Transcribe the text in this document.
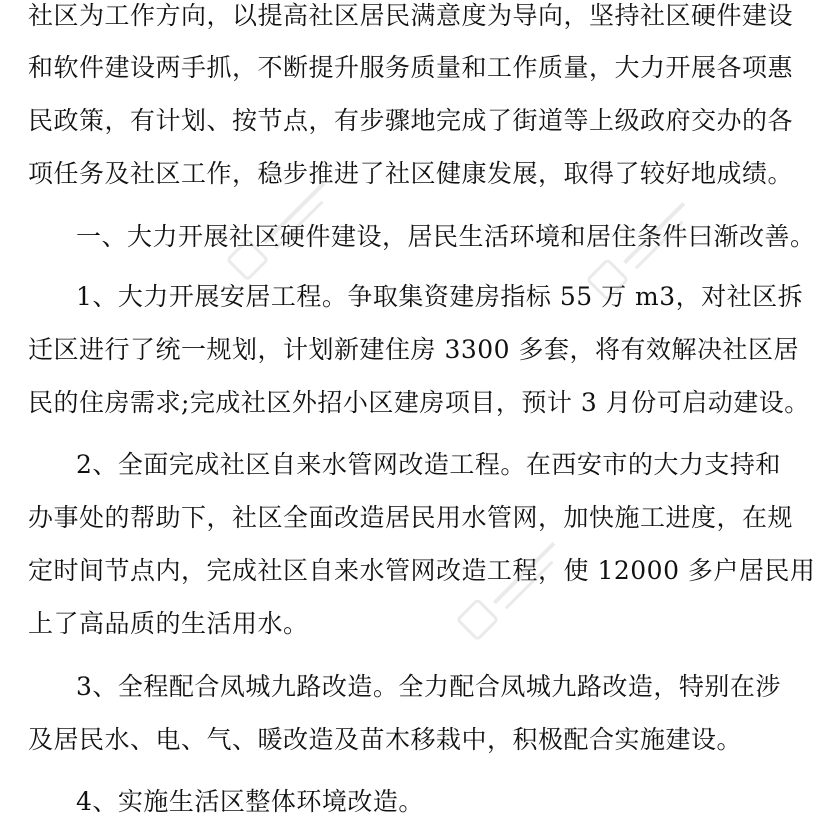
社区为工作方向，以提高社区居民满意度为导向，坚持社区硬件建设
和软件建设两手抓，不断提升服务质量和工作质量，大力开展各项惠
民政策，有计划、按节点，有步骤地完成了街道等上级政府交办的各
项任务及社区工作，稳步推进了社区健康发展，取得了较好地成绩。
一、大力开展社区硬件建设，居民生活环境和居住条件曰渐改善。
1、大力开展安居工程。争取集资建房指标 55 万 m3，对社区拆
迁区进行了统一规划，计划新建住房 3300 多套，将有效解决社区居
民的住房需求;完成社区外招小区建房项目，预计 3 月份可启动建设。
2、全面完成社区自来水管网改造工程。在西安市的大力支持和
办事处的帮助下，社区全面改造居民用水管网，加快施工进度，在规
定时间节点内，完成社区自来水管网改造工程，使 12000 多户居民用
上了高品质的生活用水。
3、全程配合凤城九路改造。全力配合凤城九路改造，特别在涉
及居民水、电、气、暖改造及苗木移栽中，积极配合实施建设。
4、实施生活区整体环境改造。
